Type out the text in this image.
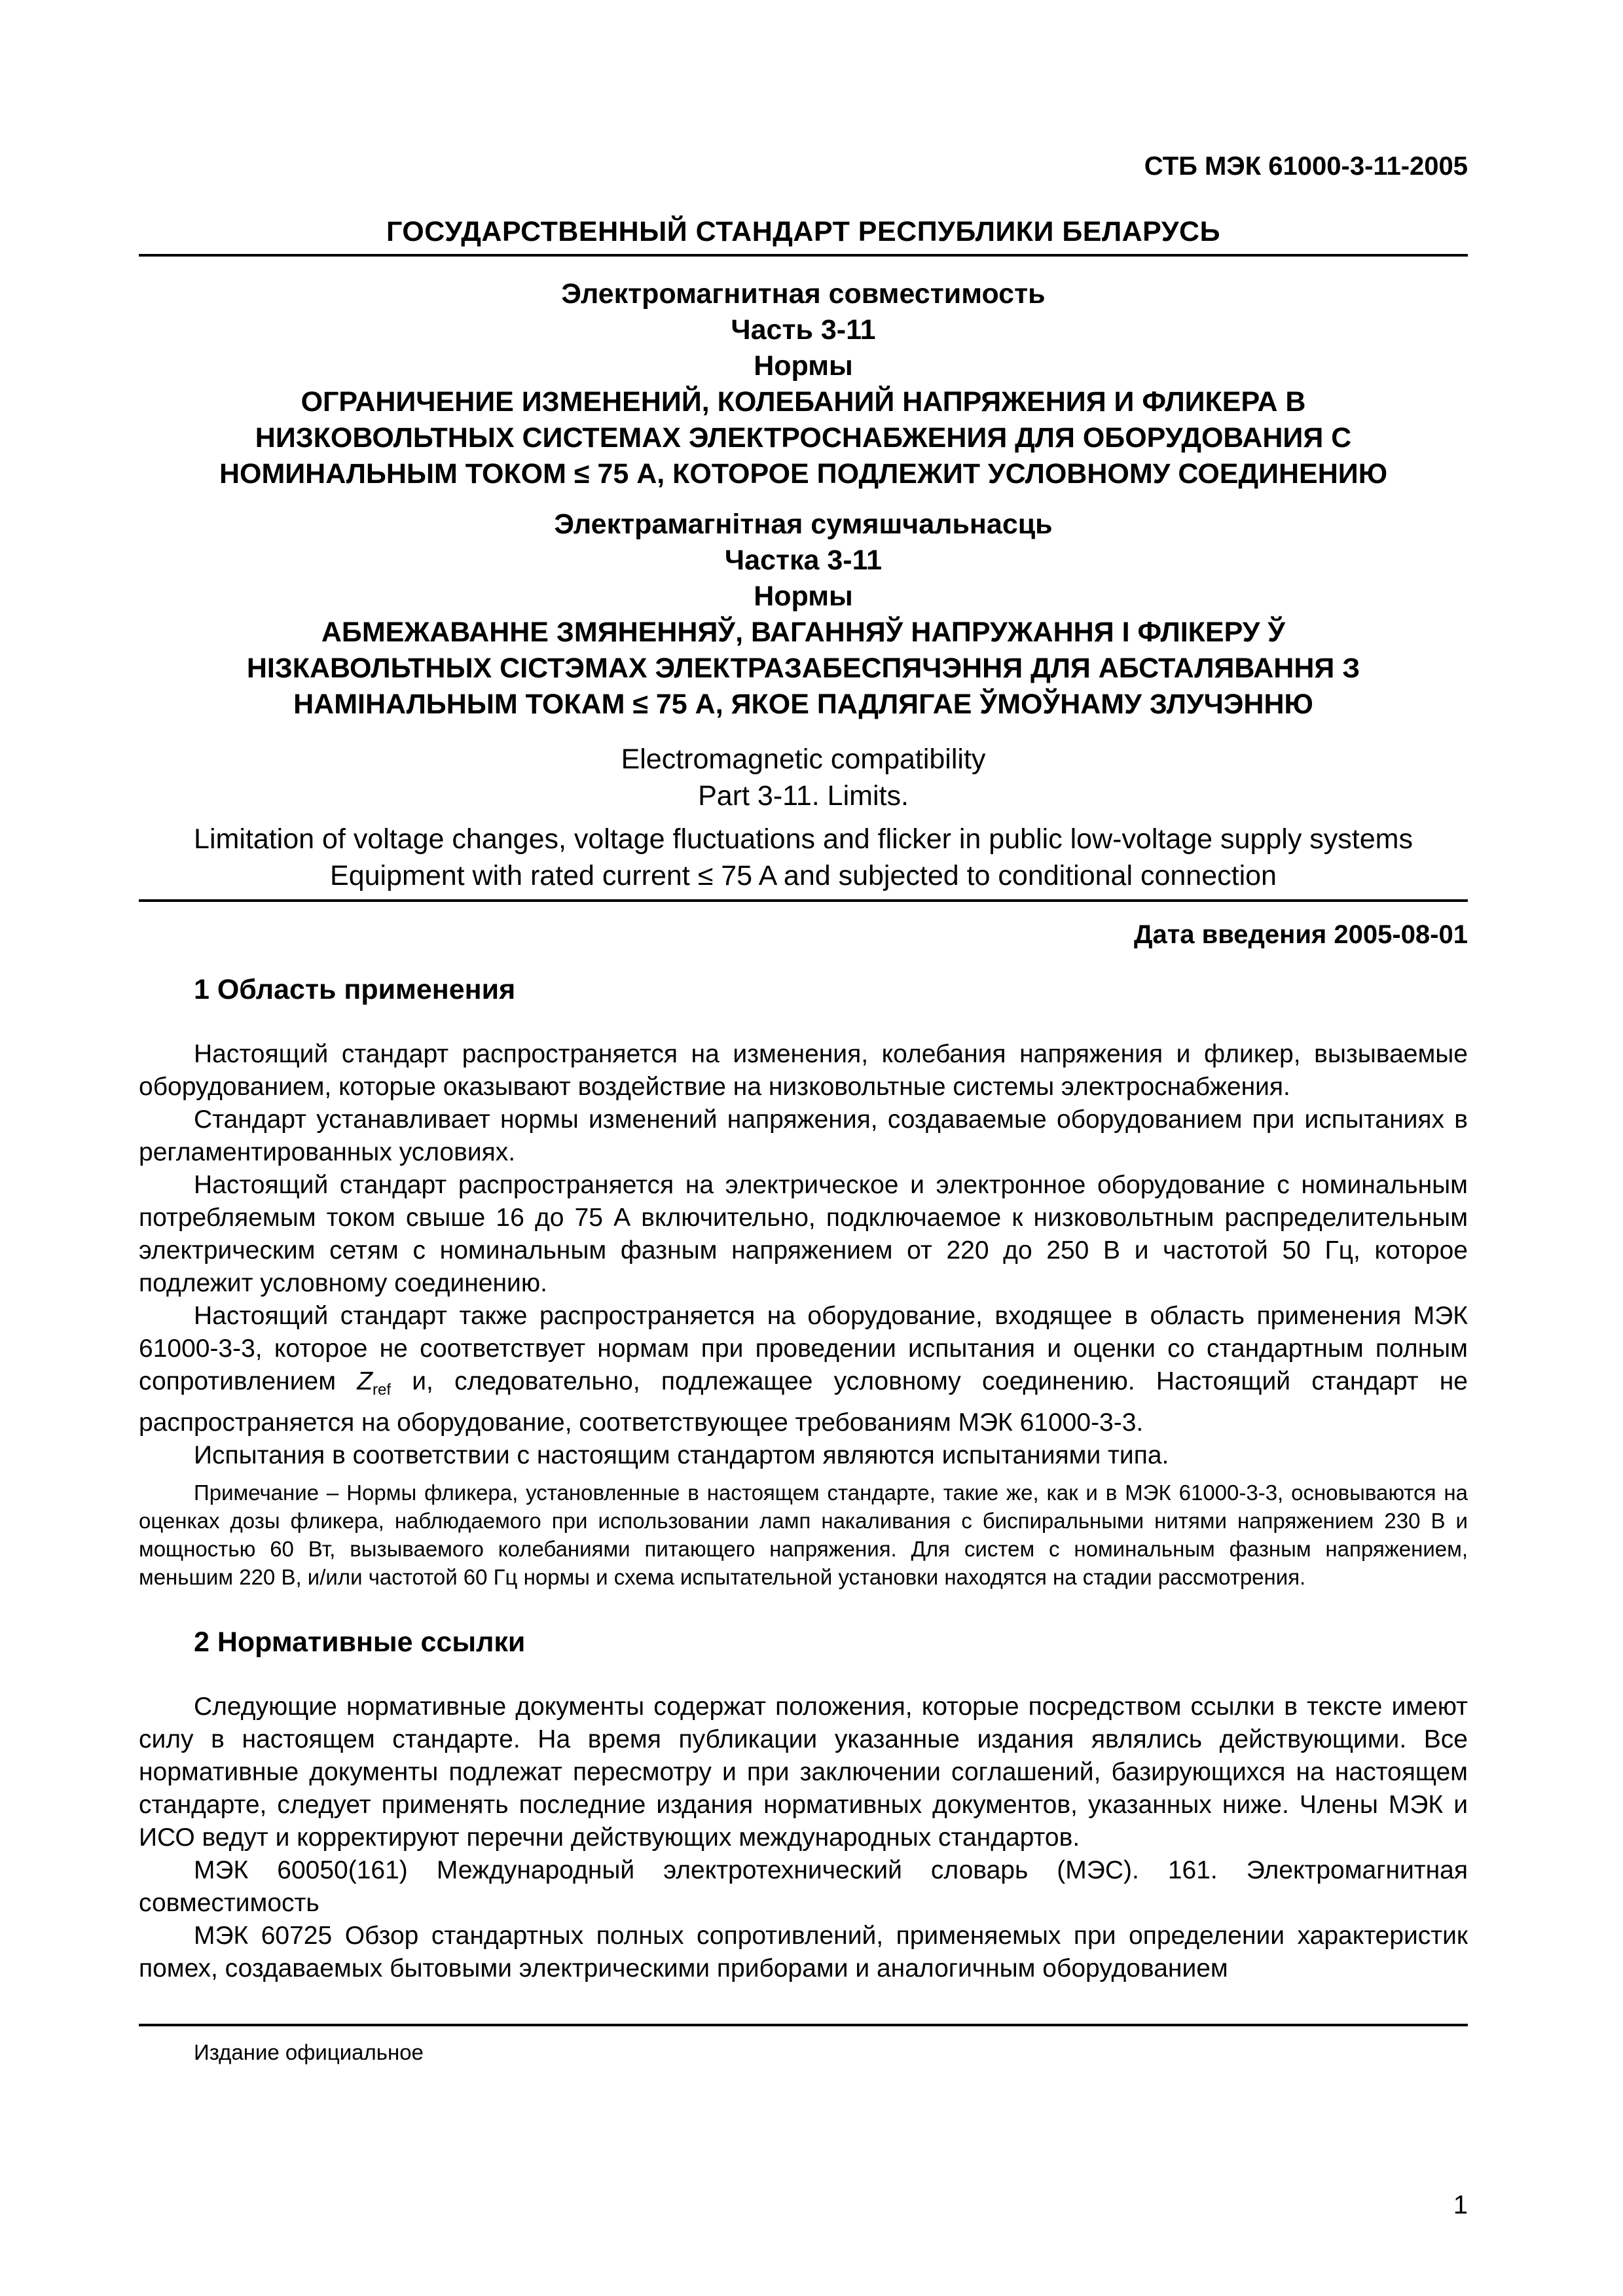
СТБ МЭК 61000-3-11-2005

ГОСУДАРСТВЕННЫЙ СТАНДАРТ РЕСПУБЛИКИ БЕЛАРУСЬ

Электромагнитная совместимость

Часть 3-11

Нормы

ОГРАНИЧЕНИЕ ИЗМЕНЕНИЙ, КОЛЕБАНИЙ НАПРЯЖЕНИЯ И ФЛИКЕРА В

НИЗКОВОЛЬТНЫХ СИСТЕМАХ ЭЛЕКТРОСНАБЖЕНИЯ ДЛЯ ОБОРУДОВАНИЯ С

НОМИНАЛЬНЫМ ТОКОМ ≤ 75 А, КОТОРОЕ ПОДЛЕЖИТ УСЛОВНОМУ СОЕДИНЕНИЮ

Электрамагнітная сумяшчальнасць

Частка 3-11

Нормы

АБМЕЖАВАННЕ ЗМЯНЕННЯЎ, ВАГАННЯЎ НАПРУЖАННЯ І ФЛІКЕРУ Ў

НІЗКАВОЛЬТНЫХ СІСТЭМАХ ЭЛЕКТРАЗАБЕСПЯЧЭННЯ ДЛЯ АБСТАЛЯВАННЯ З

НАМІНАЛЬНЫМ ТОКАМ ≤ 75 А, ЯКОЕ ПАДЛЯГАЕ ЎМОЎНАМУ ЗЛУЧЭННЮ

Electromagnetic compatibility

Part 3-11. Limits.

Limitation of voltage changes, voltage fluctuations and flicker in public low-voltage supply systems

Equipment with rated current ≤ 75 A and subjected to conditional connection

Дата введения 2005-08-01

1 Область применения

Настоящий стандарт распространяется на изменения, колебания напряжения и фликер, вызываемые оборудованием, которые оказывают воздействие на низковольтные системы электроснабжения.

Стандарт устанавливает нормы изменений напряжения, создаваемые оборудованием при испытаниях в регламентированных условиях.

Настоящий стандарт распространяется на электрическое и электронное оборудование с номинальным потребляемым током свыше 16 до 75 А включительно, подключаемое к низковольтным распределительным электрическим сетям с номинальным фазным напряжением от 220 до 250 В и частотой 50 Гц, которое подлежит условному соединению.

Настоящий стандарт также распространяется на оборудование, входящее в область применения МЭК 61000-3-3, которое не соответствует нормам при проведении испытания и оценки со стандартным полным сопротивлением $Z_{ref}$ и, следовательно, подлежащее условному соединению. Настоящий стандарт не распространяется на оборудование, соответствующее требованиям МЭК 61000-3-3.

Испытания в соответствии с настоящим стандартом являются испытаниями типа.

Примечание – Нормы фликера, установленные в настоящем стандарте, такие же, как и в МЭК 61000-3-3, основываются на оценках дозы фликера, наблюдаемого при использовании ламп накаливания с биспиральными нитями напряжением 230 В и мощностью 60 Вт, вызываемого колебаниями питающего напряжения. Для систем с номинальным фазным напряжением, меньшим 220 В, и/или частотой 60 Гц нормы и схема испытательной установки находятся на стадии рассмотрения.

2 Нормативные ссылки

Следующие нормативные документы содержат положения, которые посредством ссылки в тексте имеют силу в настоящем стандарте. На время публикации указанные издания являлись действующими. Все нормативные документы подлежат пересмотру и при заключении соглашений, базирующихся на настоящем стандарте, следует применять последние издания нормативных документов, указанных ниже. Члены МЭК и ИСО ведут и корректируют перечни действующих международных стандартов.

МЭК 60050(161) Международный электротехнический словарь (МЭС). 161. Электромагнитная совместимость

МЭК 60725 Обзор стандартных полных сопротивлений, применяемых при определении характеристик помех, создаваемых бытовыми электрическими приборами и аналогичным оборудованием

Издание официальное

1
